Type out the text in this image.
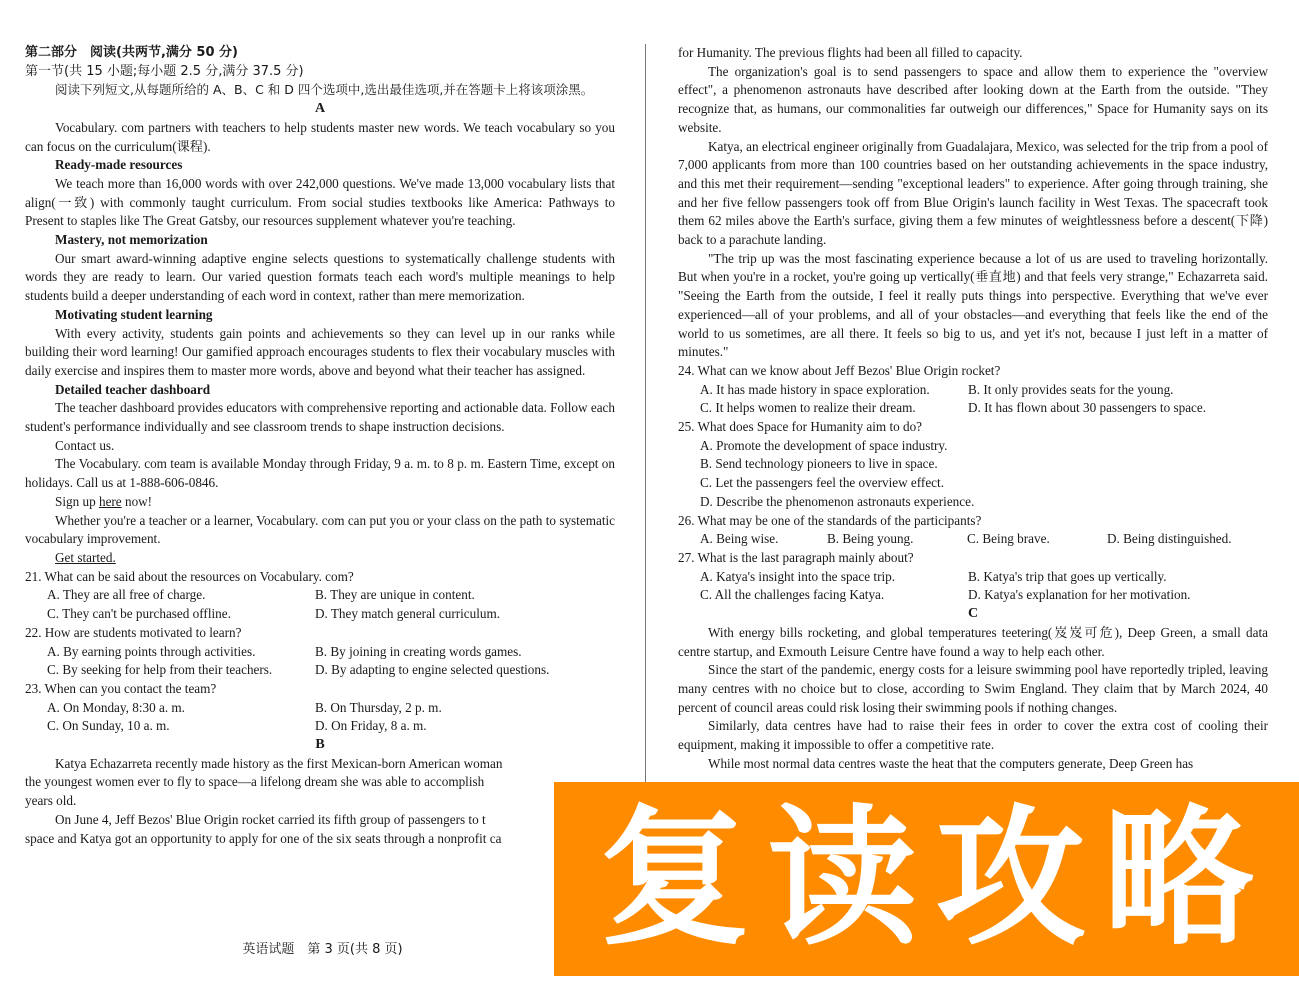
第二部分　阅读(共两节,满分 50 分)
第一节(共 15 小题;每小题 2.5 分,满分 37.5 分)
阅读下列短文,从每题所给的 A、B、C 和 D 四个选项中,选出最佳选项,并在答题卡上将该项涂黑。
A
Vocabulary. com partners with teachers to help students master new words. We teach vocabulary so you can focus on the curriculum(课程).
Ready-made resources
We teach more than 16,000 words with over 242,000 questions. We've made 13,000 vocabulary lists that align(一致) with commonly taught curriculum. From social studies textbooks like America: Pathways to Present to staples like The Great Gatsby, our resources supplement whatever you're teaching.
Mastery, not memorization
Our smart award-winning adaptive engine selects questions to systematically challenge students with words they are ready to learn. Our varied question formats teach each word's multiple meanings to help students build a deeper understanding of each word in context, rather than mere memorization.
Motivating student learning
With every activity, students gain points and achievements so they can level up in our ranks while building their word learning! Our gamified approach encourages students to flex their vocabulary muscles with daily exercise and inspires them to master more words, above and beyond what their teacher has assigned.
Detailed teacher dashboard
The teacher dashboard provides educators with comprehensive reporting and actionable data. Follow each student's performance individually and see classroom trends to shape instruction decisions.
Contact us.
The Vocabulary. com team is available Monday through Friday, 9 a. m. to 8 p. m. Eastern Time, except on holidays. Call us at 1-888-606-0846.
Sign up here now!
Whether you're a teacher or a learner, Vocabulary. com can put you or your class on the path to systematic vocabulary improvement.
Get started.
21. What can be said about the resources on Vocabulary. com?
A. They are all free of charge.	B. They are unique in content.
C. They can't be purchased offline.	D. They match general curriculum.
22. How are students motivated to learn?
A. By earning points through activities.	B. By joining in creating words games.
C. By seeking for help from their teachers.	D. By adapting to engine selected questions.
23. When can you contact the team?
A. On Monday, 8:30 a. m.	B. On Thursday, 2 p. m.
C. On Sunday, 10 a. m.	D. On Friday, 8 a. m.
B
Katya Echazarreta recently made history as the first Mexican-born American woman
the youngest women ever to fly to space—a lifelong dream she was able to accomplish
years old.
On June 4, Jeff Bezos' Blue Origin rocket carried its fifth group of passengers to t
space and Katya got an opportunity to apply for one of the six seats through a nonprofit ca
for Humanity. The previous flights had been all filled to capacity.
The organization's goal is to send passengers to space and allow them to experience the "overview effect", a phenomenon astronauts have described after looking down at the Earth from the outside. "They recognize that, as humans, our commonalities far outweigh our differences," Space for Humanity says on its website.
Katya, an electrical engineer originally from Guadalajara, Mexico, was selected for the trip from a pool of 7,000 applicants from more than 100 countries based on her outstanding achievements in the space industry, and this met their requirement—sending "exceptional leaders" to experience. After going through training, she and her five fellow passengers took off from Blue Origin's launch facility in West Texas. The spacecraft took them 62 miles above the Earth's surface, giving them a few minutes of weightlessness before a descent(下降) back to a parachute landing.
"The trip up was the most fascinating experience because a lot of us are used to traveling horizontally. But when you're in a rocket, you're going up vertically(垂直地) and that feels very strange," Echazarreta said. "Seeing the Earth from the outside, I feel it really puts things into perspective. Everything that we've ever experienced—all of your problems, and all of your obstacles—and everything that feels like the end of the world to us sometimes, are all there. It feels so big to us, and yet it's not, because I just left in a matter of minutes."
24. What can we know about Jeff Bezos' Blue Origin rocket?
A. It has made history in space exploration.	B. It only provides seats for the young.
C. It helps women to realize their dream.	D. It has flown about 30 passengers to space.
25. What does Space for Humanity aim to do?
A. Promote the development of space industry.
B. Send technology pioneers to live in space.
C. Let the passengers feel the overview effect.
D. Describe the phenomenon astronauts experience.
26. What may be one of the standards of the participants?
A. Being wise.	B. Being young.	C. Being brave.	D. Being distinguished.
27. What is the last paragraph mainly about?
A. Katya's insight into the space trip.	B. Katya's trip that goes up vertically.
C. All the challenges facing Katya.	D. Katya's explanation for her motivation.
C
With energy bills rocketing, and global temperatures teetering(岌岌可危), Deep Green, a small data centre startup, and Exmouth Leisure Centre have found a way to help each other.
Since the start of the pandemic, energy costs for a leisure swimming pool have reportedly tripled, leaving many centres with no choice but to close, according to Swim England. They claim that by March 2024, 40 percent of council areas could risk losing their swimming pools if nothing changes.
Similarly, data centres have had to raise their fees in order to cover the extra cost of cooling their equipment, making it impossible to offer a competitive rate.
While most normal data centres waste the heat that the computers generate, Deep Green has
英语试题　第 3 页(共 8 页)	复读攻略
